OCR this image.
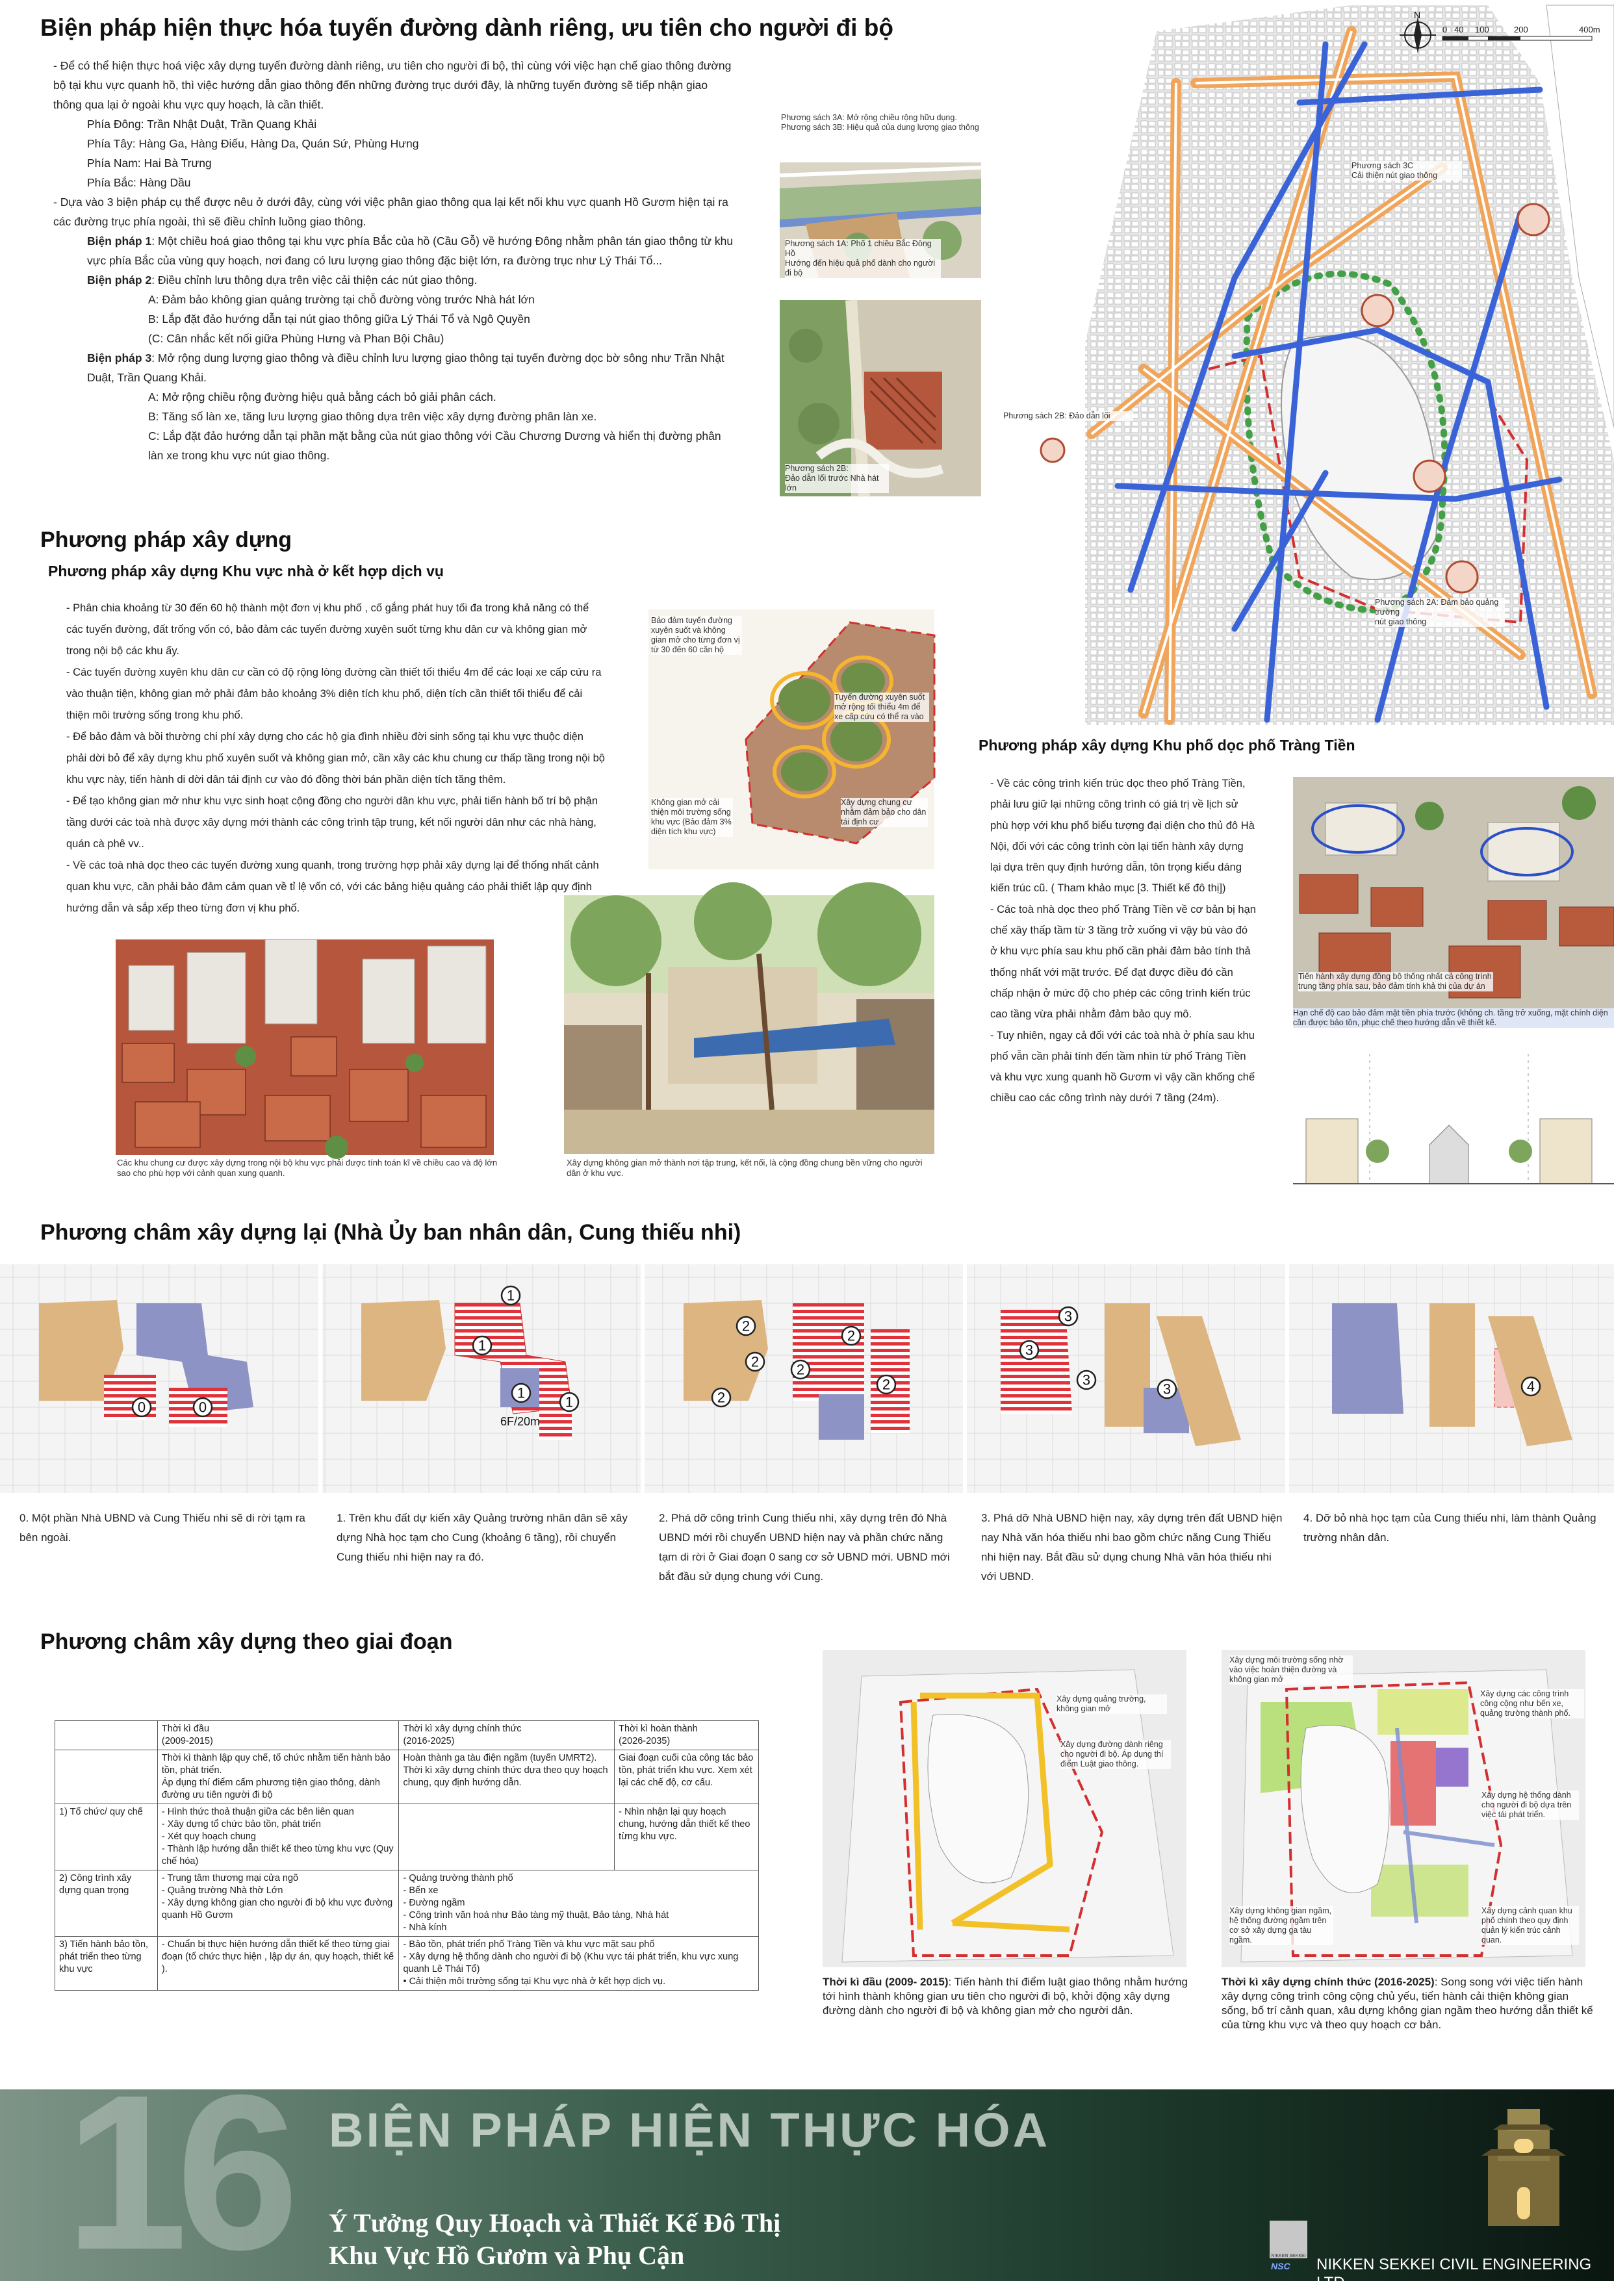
Biện pháp hiện thực hóa tuyến đường dành riêng, ưu tiên cho người đi bộ

- Để có thể hiện thực hoá việc xây dựng tuyến đường dành riêng, ưu tiên cho người đi bộ, thì cùng với việc hạn chế giao thông đường bộ tại khu vực quanh hồ, thì việc hướng dẫn giao thông đến những đường trục dưới đây, là những tuyến đường sẽ tiếp nhận giao thông qua lại ở ngoài khu vực quy hoạch, là cần thiết.

Phía Đông: Trần Nhật Duật, Trần Quang Khải

Phía Tây: Hàng Ga, Hàng Điếu, Hàng Da, Quán Sứ, Phùng Hưng

Phía Nam: Hai Bà Trưng

Phía Bắc: Hàng Dầu

- Dựa vào 3 biện pháp cụ thể được nêu ở dưới đây, cùng với việc phân giao thông qua lại kết nối khu vực quanh Hồ Gươm hiện tại ra các đường trục phía ngoài, thì sẽ điều chỉnh luồng giao thông.

Biện pháp 1: Một chiều hoá giao thông tại khu vực phía Bắc của hồ (Cầu Gỗ) về hướng Đông nhằm phân tán giao thông từ khu vực phía Bắc của vùng quy hoạch, nơi đang có lưu lượng giao thông đặc biệt lớn, ra đường trục như Lý Thái Tổ...

Biện pháp 2: Điều chỉnh lưu thông dựa trên việc cải thiện các nút giao thông.

A: Đảm bảo không gian quảng trường tại chỗ đường vòng trước Nhà hát lớn

B: Lắp đặt đảo hướng dẫn tại nút giao thông giữa Lý Thái Tổ và Ngô Quyền

(C: Cân nhắc kết nối giữa Phùng Hưng và Phan Bội Châu)

Biện pháp 3: Mở rộng dung lượng giao thông và điều chỉnh lưu lượng giao thông tại tuyến đường dọc bờ sông như Trần Nhật Duật, Trần Quang Khải.

A: Mở rộng chiều rộng đường hiệu quả bằng cách bỏ giải phân cách.

B: Tăng số làn xe, tăng lưu lượng giao thông dựa trên việc xây dựng đường phân làn xe.

C: Lắp đặt đảo hướng dẫn tại phần mặt bằng của nút giao thông với Cầu Chương Dương và hiển thị đường phân làn xe trong khu vực nút giao thông.

Phương sách 1A: Phố 1 chiều Bắc Đông Hồ
Hướng đến hiệu quả phố dành cho người đi bộ
Phương sách 2B:
Đảo dẫn lối trước Nhà hát lớn
N
0 40 100	200	400m
Phương sách 3A: Mở rộng chiều rộng hữu dụng.
Phương sách 3B: Hiệu quả của dung lượng giao thông
Phương sách 3C
Cải thiện nút giao thông
Phương sách 2B: Đảo dẫn lối
Phương sách 2A: Đảm bảo quảng trường
nút giao thông
Phương pháp xây dựng
Phương pháp xây dựng Khu vực nhà ở kết hợp dịch vụ

- Phân chia khoảng từ 30 đến 60 hộ thành một đơn vị khu phố , cố gắng phát huy tối đa trong khả năng có thể các tuyến đường, đất trống vốn có, bảo đảm các tuyến đường xuyên suốt từng khu dân cư và không gian mở trong nội bộ các khu ấy.

- Các tuyến đường xuyên khu dân cư cần có độ rộng lòng đường cần thiết tối thiểu 4m để các loại xe cấp cứu ra vào thuận tiện, không gian mở phải đảm bảo khoảng 3% diện tích khu phố, diện tích cần thiết tối thiểu để cải thiện môi trường sống trong khu phố.

- Để bảo đảm và bồi thường chi phí xây dựng cho các hộ gia đình nhiều đời sinh sống tại khu vực thuộc diện phải dời bỏ để xây dựng khu phố xuyên suốt và không gian mở, cần xây các khu chung cư thấp tầng trong nội bộ khu vực này, tiến hành di dời dân tái định cư vào đó đồng thời bán phần diện tích tăng thêm.

- Để tạo không gian mở như khu vực sinh hoạt cộng đồng cho người dân khu vực, phải tiến hành bố trí bộ phận tầng dưới các toà nhà được xây dựng mới thành các công trình tập trung, kết nối người dân như các nhà hàng, quán cà phê vv..

- Về các toà nhà dọc theo các tuyến đường xung quanh, trong trường hợp phải xây dựng lại để thống nhất cảnh quan khu vực, cần phải bảo đảm cảm quan về tỉ lệ vốn có, với các bảng hiệu quảng cáo phải thiết lập quy định hướng dẫn và sắp xếp theo từng đơn vị khu phố.

Bảo đảm tuyến đường xuyên suốt và không gian mở cho từng đơn vị từ 30 đến 60 căn hộ
Tuyến đường xuyên suốt mở rộng tối thiểu 4m để xe cấp cứu có thể ra vào
Không gian mở cải thiện môi trường sống khu vực (Bảo đảm 3% diện tích khu vực)
Xây dựng chung cư nhằm đảm bảo cho dân tái định cư
Các khu chung cư được xây dựng trong nội bộ khu vực phải được tính toán kĩ về chiều cao và độ lớn sao cho phù hợp với cảnh quan xung quanh.
Xây dựng không gian mở thành nơi tập trung, kết nối, là cộng đồng chung bền vững cho người dân ở khu vực.
Phương pháp xây dựng Khu phố dọc phố Tràng Tiền

- Về các công trình kiến trúc dọc theo phố Tràng Tiền, phải lưu giữ lại những công trình có giá trị về lịch sử phù hợp với khu phố biểu tượng đại diện cho thủ đô Hà Nội, đối với các công trình còn lại tiến hành xây dựng lại dựa trên quy định hướng dẫn, tôn trọng kiểu dáng kiến trúc cũ. ( Tham khảo mục [3. Thiết kế đô thị])

- Các toà nhà dọc theo phố Tràng Tiền về cơ bản bị hạn chế xây thấp tầm từ 3 tầng trở xuống vì vậy bù vào đó ở khu vực phía sau khu phố cần phải đảm bảo tính thả thống nhất với mặt trước. Để đạt được điều đó cần chấp nhận ở mức độ cho phép các công trình kiến trúc cao tầng vừa phải nhằm đảm bảo quy mô.

- Tuy nhiên, ngay cả đối với các toà nhà ở phía sau khu phố vẫn cần phải tính đến tầm nhìn từ phố Tràng Tiền và khu vực xung quanh hồ Gươm vì vậy cần khống chế chiều cao các công trình này dưới 7 tầng (24m).

Tiến hành xây dựng đồng bộ thống nhất cả công trình trung tầng phía sau, bảo đảm tính khả thi của dự án
Hạn chế độ cao bảo đảm mặt tiền phía trước (không ch. tầng trở xuống, mặt chính diện cần được bảo tồn, phục chế theo hướng dẫn về thiết kế.
Phương châm xây dựng lại (Nhà Ủy ban nhân dân, Cung thiếu nhi)
0	0
1
1
1
1
6F/20m
2
2
2	2
2
2
3
3
3
3	4
0. Một phần Nhà UBND và Cung Thiếu nhi sẽ di rời tạm ra bên ngoài.
1. Trên khu đất dự kiến xây Quảng trường nhân dân sẽ xây dựng Nhà học tạm cho Cung (khoảng 6 tầng), rồi chuyển Cung thiếu nhi hiện nay ra đó.
2. Phá dỡ công trình Cung thiếu nhi, xây dựng trên đó Nhà UBND mới rồi chuyển UBND hiện nay và phần chức năng tạm di rời ở Giai đoạn 0 sang cơ sở UBND mới. UBND mới bắt đầu sử dụng chung với Cung.
3. Phá dỡ Nhà UBND hiện nay, xây dựng trên đất UBND hiện nay Nhà văn hóa thiếu nhi bao gồm chức năng Cung Thiếu nhi hiện nay. Bắt đầu sử dụng chung Nhà văn hóa thiếu nhi với UBND.
4. Dỡ bỏ nhà học tạm của Cung thiếu nhi, làm thành Quảng trường nhân dân.
Phương châm xây dựng theo giai đoạn
	Thời kì đầu
(2009-2015)	Thời kì xây dựng chính thức
(2016-2025)	Thời kì hoàn thành
(2026-2035)
	Thời kì thành lập quy chế, tổ chức nhằm tiến hành bảo tồn, phát triển.
Áp dụng thí điểm cấm phương tiện giao thông, dành đường ưu tiên người đi bộ	Hoàn thành ga tàu điện ngầm (tuyến UMRT2).
Thời kì xây dựng chính thức dựa theo quy hoạch chung, quy định hướng dẫn.	Giai đoạn cuối của công tác bảo tồn, phát triển khu vực. Xem xét lại các chế độ, cơ cấu.
1) Tổ chức/ quy chế	- Hình thức thoả thuận giữa các bên liên quan
- Xây dựng tổ chức bảo tồn, phát triển
- Xét quy hoạch chung
- Thành lập hướng dẫn thiết kế theo từng khu vực (Quy chế hóa)		- Nhìn nhận lại quy hoạch chung, hướng dẫn thiết kế theo từng khu vực.
2) Công trình xây dựng quan trọng	- Trung tâm thương mại cửa ngõ
- Quảng trường Nhà thờ Lớn
- Xây dựng không gian cho người đi bộ khu vực đường quanh Hồ Gươm	- Quảng trường thành phố
- Bến xe
- Đường ngầm
- Công trình văn hoá như Bảo tàng mỹ thuật, Bảo tàng, Nhà hát
- Nhà kính	
3) Tiến hành bảo tồn, phát triển theo từng khu vực	- Chuẩn bị thực hiện hướng dẫn thiết kế theo từng giai đoạn (tổ chức thực hiện , lập dự án, quy hoạch, thiết kế ).	- Bảo tồn, phát triển phố Tràng Tiền và khu vực mặt sau phố
- Xây dựng hệ thống dành cho người đi bộ (Khu vực tái phát triển, khu vực xung quanh Lê Thái Tổ)
• Cải thiện môi trường sống tại Khu vực nhà ở kết hợp dịch vụ.	
Xây dựng quảng trường, không gian mở
Xây dựng đường dành riêng cho người đi bộ. Áp dụng thí điểm Luật giao thông.
Xây dựng môi trường sống nhờ vào việc hoàn thiện đường và không gian mở
Xây dựng các công trình công cộng như bến xe, quảng trường thành phố.
Xây dựng hệ thống dành cho người đi bộ dựa trên việc tái phát triển.
Xây dựng không gian ngầm, hệ thống đường ngầm trên cơ sở xây dựng ga tàu ngầm.
Xây dựng cảnh quan khu phố chính theo quy định quản lý kiến trúc cảnh quan.
Thời kì đầu (2009- 2015): Tiến hành thí điểm luật giao thông nhằm hướng tới hình thành không gian ưu tiên cho người đi bộ, khởi động xây dựng đường dành cho người đi bộ và không gian mở cho người dân.
Thời kì xây dựng chính thức (2016-2025): Song song với việc tiến hành xây dựng công trình công cộng chủ yếu, tiến hành cải thiện không gian sống, bố trí cảnh quan, xâu dựng không gian ngầm theo hướng dẫn thiết kế của từng khu vực và theo quy hoạch cơ bản.
16 BIỆN PHÁP HIỆN THỰC HÓA
Ý Tưởng Quy Hoạch và Thiết Kế Đô Thị
Khu Vực Hồ Gươm và Phụ Cận	NIKKEN SEKKEI
NSC NIKKEN SEKKEI CIVIL ENGINEERING LTD.
